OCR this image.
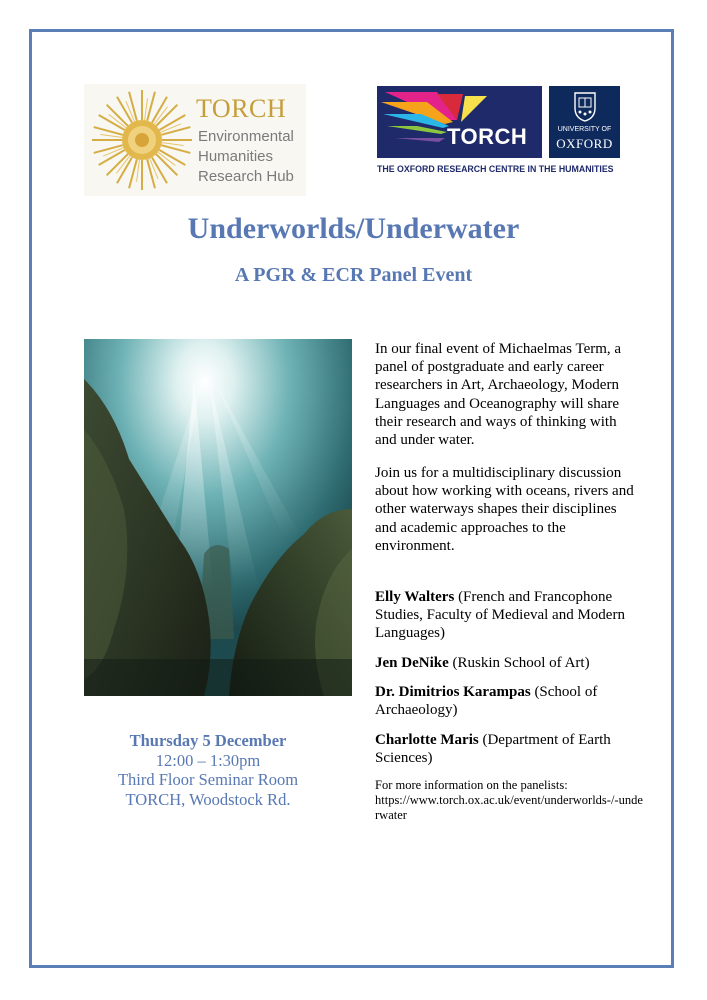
TORCH
Environmental
Humanities
Research Hub
TORCH	UNIVERSITY OF
OXFORD
THE OXFORD RESEARCH CENTRE IN THE HUMANITIES
Underworlds/Underwater
A PGR & ECR Panel Event
Thursday 5 December
12:00 – 1:30pm
Third Floor Seminar Room
TORCH, Woodstock Rd.
In our final event of Michaelmas Term, a panel of postgraduate and early career researchers in Art, Archaeology, Modern Languages and Oceanography will share their research and ways of thinking with and under water.
Join us for a multidisciplinary discussion about how working with oceans, rivers and other waterways shapes their disciplines and academic approaches to the environment.
Elly Walters (French and Francophone Studies, Faculty of Medieval and Modern Languages)
Jen DeNike (Ruskin School of Art)
Dr. Dimitrios Karampas (School of Archaeology)
Charlotte Maris (Department of Earth Sciences)
For more information on the panelists:
https://www.torch.ox.ac.uk/event/underworlds-/-underwater
